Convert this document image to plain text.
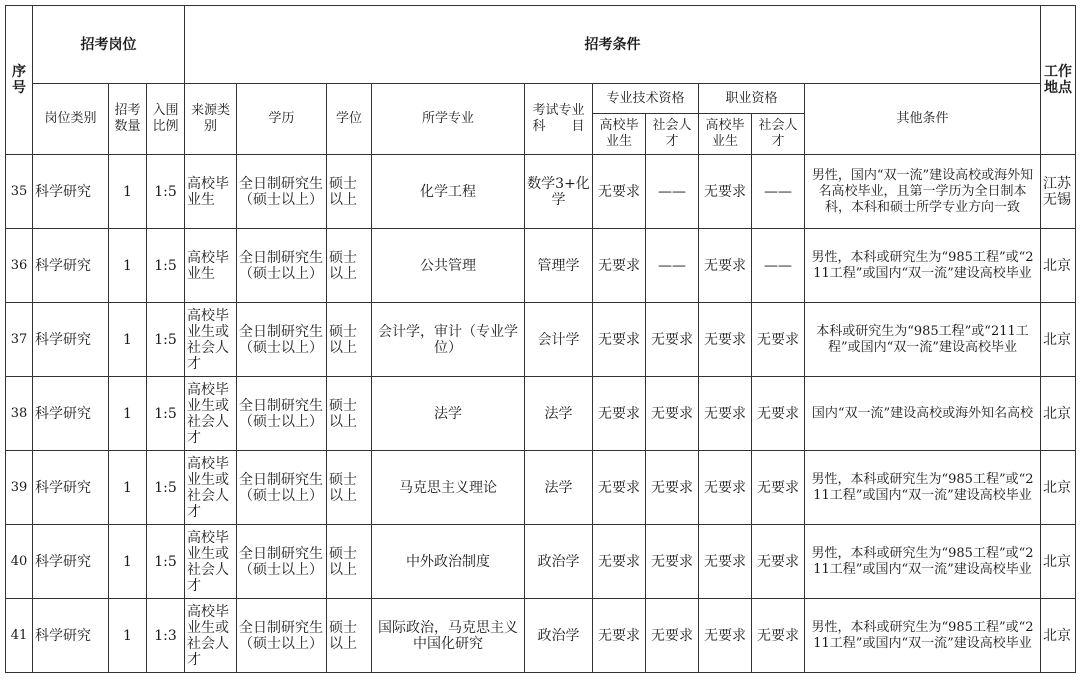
序号	招考岗位			招考条件										工作地点
	岗位类别	招考数量	入围比例	来源类别	学历	学位	所学专业	考试专业科　　目	专业技术资格		职业资格		其他条件	
									高校毕业生	社会人才	高校毕业生	社会人才		
35	科学研究	1	1:5	高校毕业生	全日制研究生（硕士以上）	硕士以上	化学工程	数学3+化学	无要求	——	无要求	——	男性，国内“双一流”建设高校或海外知名高校毕业，且第一学历为全日制本科，本科和硕士所学专业方向一致	江苏无锡
36	科学研究	1	1:5	高校毕业生	全日制研究生（硕士以上）	硕士以上	公共管理	管理学	无要求	——	无要求	——	男性，本科或研究生为“985工程”或“211工程”或国内“双一流”建设高校毕业	北京
37	科学研究	1	1:5	高校毕业生或社会人才	全日制研究生（硕士以上）	硕士以上	会计学，审计（专业学位）	会计学	无要求	无要求	无要求	无要求	本科或研究生为“985工程”或“211工程”或国内“双一流”建设高校毕业	北京
38	科学研究	1	1:5	高校毕业生或社会人才	全日制研究生（硕士以上）	硕士以上	法学	法学	无要求	无要求	无要求	无要求	国内“双一流”建设高校或海外知名高校	北京
39	科学研究	1	1:5	高校毕业生或社会人才	全日制研究生（硕士以上）	硕士以上	马克思主义理论	法学	无要求	无要求	无要求	无要求	男性，本科或研究生为“985工程”或“211工程”或国内“双一流”建设高校毕业	北京
40	科学研究	1	1:5	高校毕业生或社会人才	全日制研究生（硕士以上）	硕士以上	中外政治制度	政治学	无要求	无要求	无要求	无要求	男性，本科或研究生为“985工程”或“211工程”或国内“双一流”建设高校毕业	北京
41	科学研究	1	1:3	高校毕业生或社会人才	全日制研究生（硕士以上）	硕士以上	国际政治，马克思主义中国化研究	政治学	无要求	无要求	无要求	无要求	男性，本科或研究生为“985工程”或“211工程”或国内“双一流”建设高校毕业	北京
